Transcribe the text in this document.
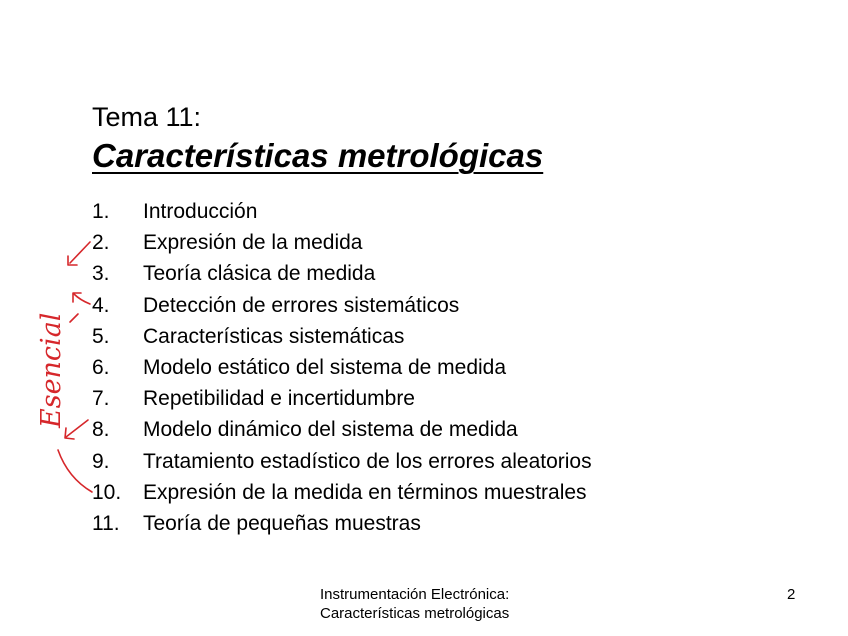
Tema 11:
Características metrológicas
1.	Introducción
2.	Expresión de la medida
3.	Teoría clásica de medida
4.	Detección de errores sistemáticos
5.	Características sistemáticas
6.	Modelo estático del sistema de medida
7.	Repetibilidad e incertidumbre
8.	Modelo dinámico del sistema de medida
9.	Tratamiento estadístico de los errores aleatorios
10.	Expresión de la medida en términos muestrales
11.	Teoría de pequeñas muestras
Instrumentación Electrónica:
Características metrológicas
2
Esencial
